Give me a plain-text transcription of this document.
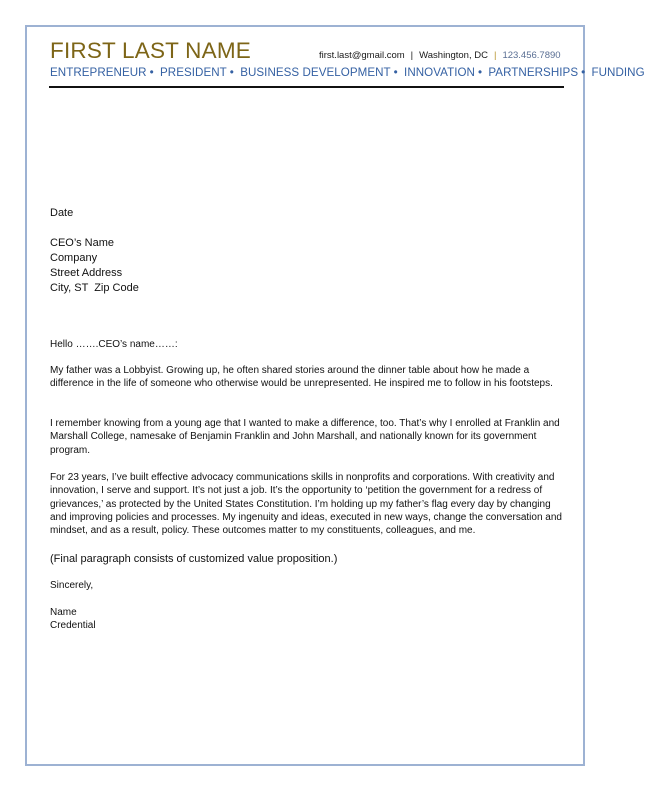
FIRST LAST NAME	first.last@gmail.com | Washington, DC | 123.456.7890
ENTREPRENEUR • PRESIDENT • BUSINESS DEVELOPMENT • INNOVATION • PARTNERSHIPS • FUNDING
Date
CEO’s Name
Company
Street Address
City, ST  Zip Code
Hello …….CEO’s name……:
My father was a Lobbyist. Growing up, he often shared stories around the dinner table about how he made a difference in the life of someone who otherwise would be unrepresented. He inspired me to follow in his footsteps.
I remember knowing from a young age that I wanted to make a difference, too. That’s why I enrolled at Franklin and Marshall College, namesake of Benjamin Franklin and John Marshall, and nationally known for its government program.
For 23 years, I’ve built effective advocacy communications skills in nonprofits and corporations. With creativity and innovation, I serve and support. It’s not just a job. It’s the opportunity to ‘petition the government for a redress of grievances,’ as protected by the United States Constitution. I’m holding up my father’s flag every day by changing and improving policies and processes. My ingenuity and ideas, executed in new ways, change the conversation and mindset, and as a result, policy. These outcomes matter to my constituents, colleagues, and me.
(Final paragraph consists of customized value proposition.)
Sincerely,
Name
Credential
